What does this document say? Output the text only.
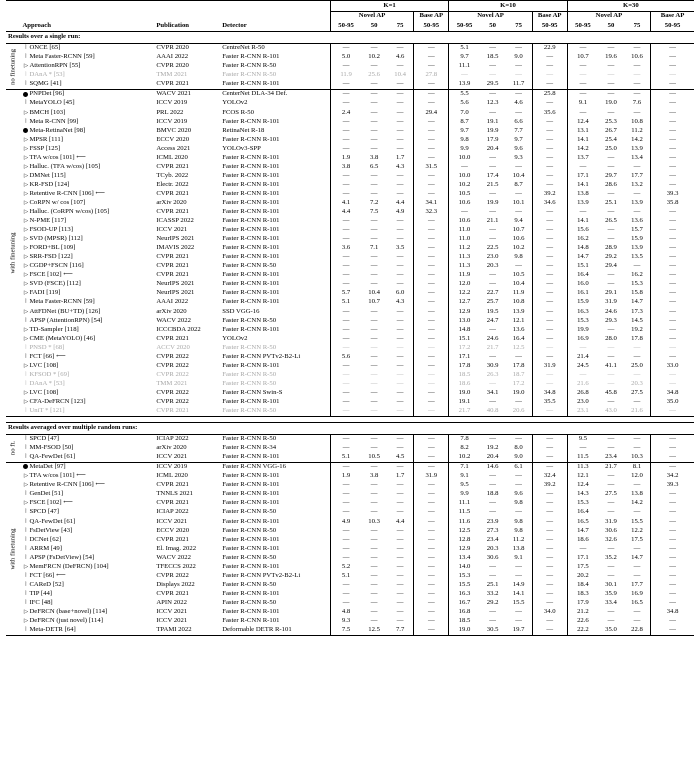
				K=1				K=10				K=30			
				Novel AP			Base AP	Novel AP			Base AP	Novel AP			Base AP
	Approach	Publication	Detector	50-95	50	75	50-95	50-95	50	75	50-95	50-95	50	75	50-95
Results over a single run:															

no finetuning	⦚ ONCE [65]	CVPR 2020	CentreNet R-50	—	—	—	—	5.1	—	—	22.9	—	—	—	—
	⦚ Meta Faster-RCNN [59]	AAAI 2022	Faster R-CNN R-101	5.0	10.2	4.6	—	9.7	18.5	9.0	—	10.7	19.6	10.6	—
	▷AttentionRPN [55]	CVPR 2020	Faster R-CNN R-50	—	—	—	—	11.1	—	—	—	—	—	—	—
	⦚ DAnA * [53]	TMM 2021	Faster R-CNN R-50	11.9	25.6	10.4	27.8	—	—	—	—	—	—	—	—
	⦚ SQMG [41]	CVPR 2021	Faster R-CNN R-101	—	—	—	—	13.9	29.5	11.7	—	—	—	—	—

with finetuning	PNPDet [96]	WACV 2021	CenterNet DLA-34 Def.	—	—	—	—	5.5	—	—	25.8	—	—	—	—
	⦚ MetaYOLO [45]	ICCV 2019	YOLOv2	—	—	—	—	5.6	12.3	4.6	—	9.1	19.0	7.6	—
	▷BMCH [103]	PRL 2022	FCOS R-50	2.4	—	—	29.4	7.0	—	—	35.6	—	—	—	—
	⦚ Meta R-CNN [99]	ICCV 2019	Faster R-CNN R-101	—	—	—	—	8.7	19.1	6.6	—	12.4	25.3	10.8	—
	Meta-RetinaNet [98]	BMVC 2020	RetinaNet R-18	—	—	—	—	9.7	19.9	7.7	—	13.1	26.7	11.2	—
	▷MPSR [111]	ECCV 2020	Faster R-CNN R-101	—	—	—	—	9.8	17.9	9.7	—	14.1	25.4	14.2	—
	▷FSSP [125]	Access 2021	YOLOv3-SPP	—	—	—	—	9.9	20.4	9.6	—	14.2	25.0	13.9	—
	▷TFA w/cos [101] ⟵	ICML 2020	Faster R-CNN R-101	1.9	3.8	1.7	—	10.0	—	9.3	—	13.7	—	13.4	—
	▷Halluc. (TFA w/cos) [105]	CVPR 2021	Faster R-CNN R-101	3.8	6.5	4.3	31.5	—	—	—	—	—	—	—	—
	▷DMNet [115]	TCyb. 2022	Faster R-CNN R-101	—	—	—	—	10.0	17.4	10.4	—	17.1	29.7	17.7	—
	▷KR-FSD [124]	Electr. 2022	Faster R-CNN R-101	—	—	—	—	10.2	21.5	8.7	—	14.1	28.6	13.2	—
	▷Retentive R-CNN [106] ⟵	CVPR 2021	Faster R-CNN R-101	—	—	—	—	10.5	—	—	39.2	13.8	—	—	39.3
	▷CoRPN w/ cos [107]	arXiv 2020	Faster R-CNN R-101	4.1	7.2	4.4	34.1	10.6	19.9	10.1	34.6	13.9	25.1	13.9	35.8
	▷Halluc. (CoRPN w/cos) [105]	CVPR 2021	Faster R-CNN R-101	4.4	7.5	4.9	32.3	—	—	—	—	—	—	—	—
	▷N-PME [117]	ICASSP 2022	Faster R-CNN R-101	—	—	—	—	10.6	21.1	9.4	—	14.1	26.5	13.6	—
	▷FSOD-UP [113]	ICCV 2021	Faster R-CNN R-101	—	—	—	—	11.0	—	10.7	—	15.6	—	15.7	—
	▷SVD (MPSR) [112]	NeurIPS 2021	Faster R-CNN R-101	—	—	—	—	11.0	—	10.6	—	16.2	—	15.9	—
	▷FORD+BL [109]	IMAVIS 2022	Faster R-CNN R-101	3.6	7.1	3.5	—	11.2	22.5	10.2	—	14.8	28.9	13.9	—
	▷SRR-FSD [122]	CVPR 2021	Faster R-CNN R-101	—	—	—	—	11.3	23.0	9.8	—	14.7	29.2	13.5	—
	▷CGDP+FSCN [116]	CVPR 2021	Faster R-CNN R-50	—	—	—	—	11.3	20.3	—	—	15.1	29.4	—	—
	▷FSCE [102] ⟵	CVPR 2021	Faster R-CNN R-101	—	—	—	—	11.9	—	10.5	—	16.4	—	16.2	—
	▷SVD (FSCE) [112]	NeurIPS 2021	Faster R-CNN R-101	—	—	—	—	12.0	—	10.4	—	16.0	—	15.3	—
	▷FADI [119]	NeurIPS 2021	Faster R-CNN R-101	5.7	10.4	6.0	—	12.2	22.7	11.9	—	16.1	29.1	15.8	—
	⦚ Meta Faster-RCNN [59]	AAAI 2022	Faster R-CNN R-101	5.1	10.7	4.3	—	12.7	25.7	10.8	—	15.9	31.9	14.7	—
	▷AttFDNet (BU+TD) [126]	arXiv 2020	SSD VGG-16	—	—	—	—	12.9	19.5	13.9	—	16.3	24.6	17.3	—
	⦚ APSP (AttentionRPN) [54]	WACV 2022	Faster R-CNN R-50	—	—	—	—	13.0	24.7	12.1	—	15.3	29.3	14.5	—
	▷TD-Sampler [118]	ICCCBDA 2022	Faster R-CNN R-101	—	—	—	—	14.8	—	13.6	—	19.9	—	19.2	—
	▷CME (MetaYOLO) [46]	CVPR 2021	YOLOv2	—	—	—	—	15.1	24.6	16.4	—	16.9	28.0	17.8	—
	⦚ PNSD * [68]	ACCV 2020	Faster R-CNN R-50	—	—	—	—	17.2	21.7	12.5	—	—	—	—	—
	⦚ FCT [66] ⟵	CVPR 2022	Faster R-CNN PVTv2-B2-Li	5.6	—	—	—	17.1	—	—	—	21.4	—	—	—
	▷LVC [108]	CVPR 2022	Faster R-CNN R-101	—	—	—	—	17.8	30.9	17.8	31.9	24.5	41.1	25.0	33.0
	⦚ KFSOD * [69]	CVPR 2022	Faster R-CNN R-50	—	—	—	—	18.5	26.3	18.7	—	—	—	—	—
	⦚ DAnA * [53]	TMM 2021	Faster R-CNN R-50	—	—	—	—	18.6	—	17.2	—	21.6	—	20.3	—
	▷LVC [108]	CVPR 2022	Faster R-CNN Swin-S	—	—	—	—	19.0	34.1	19.0	34.8	26.8	45.8	27.5	34.8
	▷CFA-DeFRCN [123]	CVPR 2022	Faster R-CNN R-101	—	—	—	—	19.1	—	—	35.5	23.0	—	—	35.0
	⦚ UniT * [121]	CVPR 2021	Faster R-CNN R-50	—	—	—	—	21.7	40.8	20.6	—	23.1	43.0	21.6	—

Results averaged over multiple random runs:															

no ft.	⦚ SPCD [47]	ICIAP 2022	Faster R-CNN R-50	—	—	—	—	7.8	—	—	—	9.5	—	—	—
	⦚ MM-FSOD [50]	arXiv 2020	Faster R-CNN R-34	—	—	—	—	8.2	19.2	8.0	—	—	—	—	—
	⦚ QA-FewDet [61]	ICCV 2021	Faster R-CNN R-101	5.1	10.5	4.5	—	10.2	20.4	9.0	—	11.5	23.4	10.3	—

with finetuning	MetaDet [97]	ICCV 2019	Faster R-CNN VGG-16	—	—	—	—	7.1	14.6	6.1	—	11.3	21.7	8.1	—
	▷TFA w/cos [101] ⟵	ICML 2020	Faster R-CNN R-101	1.9	3.8	1.7	31.9	9.1	—	—	32.4	12.1	—	12.0	34.2
	▷Retentive R-CNN [106] ⟵	CVPR 2021	Faster R-CNN R-101	—	—	—	—	9.5	—	—	39.2	12.4	—	—	39.3
	⦚ GenDet [51]	TNNLS 2021	Faster R-CNN R-101	—	—	—	—	9.9	18.8	9.6	—	14.3	27.5	13.8	—
	▷FSCE [102] ⟵	CVPR 2021	Faster R-CNN R-101	—	—	—	—	11.1	—	9.8	—	15.3	—	14.2	—
	⦚ SPCD [47]	ICIAP 2022	Faster R-CNN R-50	—	—	—	—	11.5	—	—	—	16.4	—	—	—
	⦚ QA-FewDet [61]	ICCV 2021	Faster R-CNN R-101	4.9	10.3	4.4	—	11.6	23.9	9.8	—	16.5	31.9	15.5	—
	⦚ FsDetView [43]	ECCV 2020	Faster R-CNN R-50	—	—	—	—	12.5	27.3	9.8	—	14.7	30.6	12.2	—
	⦚ DCNet [62]	CVPR 2021	Faster R-CNN R-101	—	—	—	—	12.8	23.4	11.2	—	18.6	32.6	17.5	—
	⦚ ARRM [49]	El. Imag. 2022	Faster R-CNN R-101	—	—	—	—	12.9	20.3	13.8	—	—	—	—	—
	⦚ APSP (FsDetView) [54]	WACV 2022	Faster R-CNN R-50	—	—	—	—	13.4	30.6	9.1	—	17.1	35.2	14.7	—
	▷MemFRCN (DeFRCN) [104]	TFECCS 2022	Faster R-CNN R-101	5.2	—	—	—	14.0	—	—	—	17.5	—	—	—
	⦚ FCT [66] ⟵	CVPR 2022	Faster R-CNN PVTv2-B2-Li	5.1	—	—	—	15.3	—	—	—	20.2	—	—	—
	⦚ CAReD [52]	Displays 2022	Faster R-CNN R-50	—	—	—	—	15.5	25.1	14.9	—	18.4	30.1	17.7	—
	⦚ TIP [44]	CVPR 2021	Faster R-CNN R-101	—	—	—	—	16.3	33.2	14.1	—	18.3	35.9	16.9	—
	⦚ IFC [48]	APIN 2022	Faster R-CNN R-50	—	—	—	—	16.7	29.2	15.5	—	17.9	33.4	16.5	—
	▷DeFRCN (base+novel) [114]	ICCV 2021	Faster R-CNN R-101	4.8	—	—	—	16.8	—	—	34.0	21.2	—	—	34.8
	▷DeFRCN (just novel) [114]	ICCV 2021	Faster R-CNN R-101	9.3	—	—	—	18.5	—	—	—	22.6	—	—	—
	⦚ Meta-DETR [64]	TPAMI 2022	Deformable DETR R-101	7.5	12.5	7.7	—	19.0	30.5	19.7	—	22.2	35.0	22.8	—
